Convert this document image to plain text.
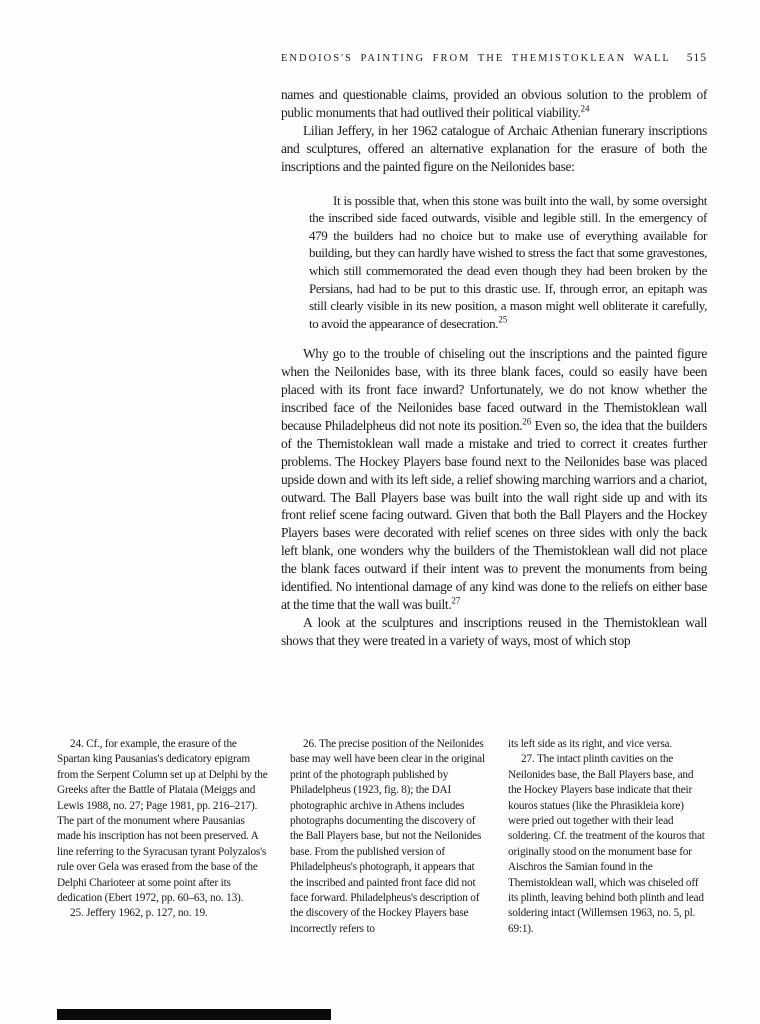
ENDOIOS'S PAINTING FROM THE THEMISTOKLEAN WALL 515

names and questionable claims, provided an obvious solution to the problem of public monuments that had outlived their political viability.$^{24}$

Lilian Jeffery, in her 1962 catalogue of Archaic Athenian funerary inscriptions and sculptures, offered an alternative explanation for the erasure of both the inscriptions and the painted figure on the Neilonides base:

It is possible that, when this stone was built into the wall, by some oversight the inscribed side faced outwards, visible and legible still. In the emergency of 479 the builders had no choice but to make use of everything available for building, but they can hardly have wished to stress the fact that some gravestones, which still commemorated the dead even though they had been broken by the Persians, had had to be put to this drastic use. If, through error, an epitaph was still clearly visible in its new position, a mason might well obliterate it carefully, to avoid the appearance of desecration.$^{25}$

Why go to the trouble of chiseling out the inscriptions and the painted figure when the Neilonides base, with its three blank faces, could so easily have been placed with its front face inward? Unfortunately, we do not know whether the inscribed face of the Neilonides base faced outward in the Themistoklean wall because Philadelpheus did not note its position.$^{26}$ Even so, the idea that the builders of the Themistoklean wall made a mistake and tried to correct it creates further problems. The Hockey Players base found next to the Neilonides base was placed upside down and with its left side, a relief showing marching warriors and a chariot, outward. The Ball Players base was built into the wall right side up and with its front relief scene facing outward. Given that both the Ball Players and the Hockey Players bases were decorated with relief scenes on three sides with only the back left blank, one wonders why the builders of the Themistoklean wall did not place the blank faces outward if their intent was to prevent the monuments from being identified. No intentional damage of any kind was done to the reliefs on either base at the time that the wall was built.$^{27}$

A look at the sculptures and inscriptions reused in the Themistoklean wall shows that they were treated in a variety of ways, most of which stop

24. Cf., for example, the erasure of the Spartan king Pausanias's dedicatory epigram from the Serpent Column set up at Delphi by the Greeks after the Battle of Plataia (Meiggs and Lewis 1988, no. 27; Page 1981, pp. 216–217). The part of the monument where Pausanias made his inscription has not been preserved. A line referring to the Syracusan tyrant Polyzalos's rule over Gela was erased from the base of the Delphi Charioteer at some point after its dedication (Ebert 1972, pp. 60–63, no. 13).

25. Jeffery 1962, p. 127, no. 19.

26. The precise position of the Neilonides base may well have been clear in the original print of the photograph published by Philadelpheus (1923, fig. 8); the DAI photographic archive in Athens includes photographs documenting the discovery of the Ball Players base, but not the Neilonides base. From the published version of Philadelpheus's photograph, it appears that the inscribed and painted front face did not face forward. Philadelpheus's description of the discovery of the Hockey Players base incorrectly refers to

its left side as its right, and vice versa.

27. The intact plinth cavities on the Neilonides base, the Ball Players base, and the Hockey Players base indicate that their kouros statues (like the Phrasikleia kore) were pried out together with their lead soldering. Cf. the treatment of the kouros that originally stood on the monument base for Aischros the Samian found in the Themistoklean wall, which was chiseled off its plinth, leaving behind both plinth and lead soldering intact (Willemsen 1963, no. 5, pl. 69:1).
